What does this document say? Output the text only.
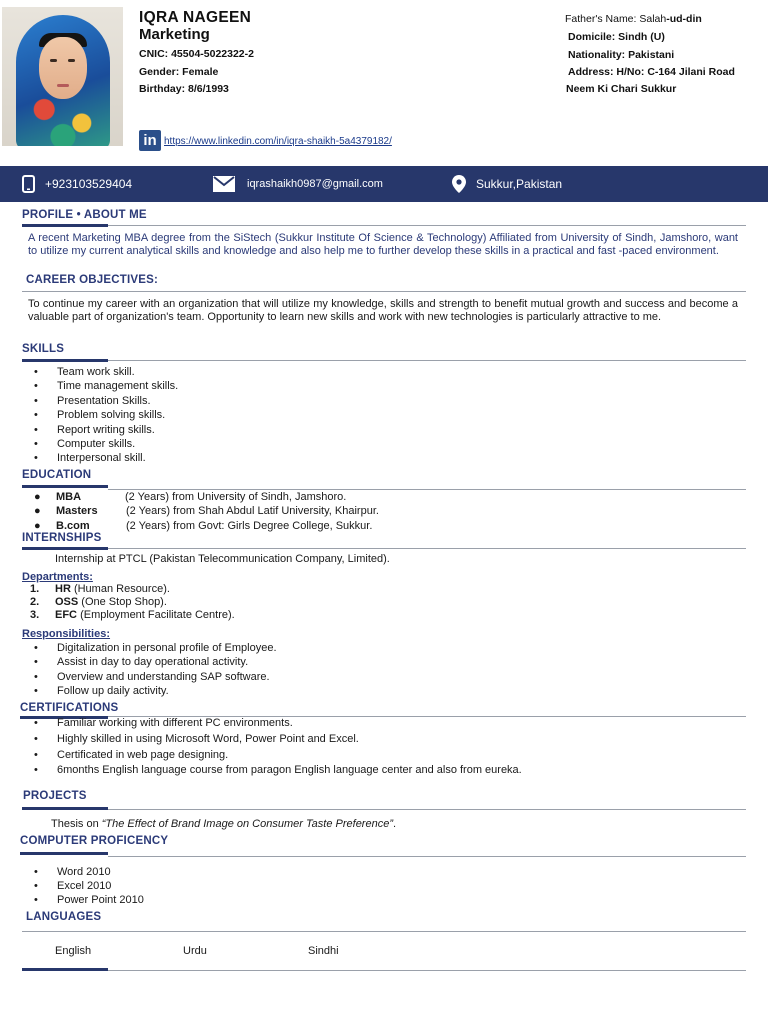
IQRA NAGEEN
Marketing
CNIC: 45504-5022322-2
Gender: Female
Birthday: 8/6/1993
Father's Name: Salah-ud-din
Domicile: Sindh (U)
Nationality: Pakistani
Address: H/No: C-164 Jilani Road
Neem Ki Chari Sukkur
in https://www.linkedin.com/in/iqra-shaikh-5a4379182/
+923103529404	iqrashaikh0987@gmail.com	Sukkur,Pakistan
PROFILE • ABOUT ME
A recent Marketing MBA degree from the SiStech (Sukkur Institute Of Science & Technology) Affiliated from University of Sindh, Jamshoro, want to utilize my current analytical skills and knowledge and also help me to further develop these skills in a practical and fast -paced environment.
CAREER OBJECTIVES:
To continue my career with an organization that will utilize my knowledge, skills and strength to benefit mutual growth and success and become a valuable part of organization's team. Opportunity to learn new skills and work with new technologies is particularly attractive to me.
SKILLS
• Team work skill.
• Time management skills.
• Presentation Skills.
• Problem solving skills.
• Report writing skills.
• Computer skills.
• Interpersonal skill.
EDUCATION
● MBA	(2 Years) from University of Sindh, Jamshoro.
● Masters	(2 Years) from Shah Abdul Latif University, Khairpur.
● B.com	(2 Years) from Govt: Girls Degree College, Sukkur.
INTERNSHIPS
Internship at PTCL (Pakistan Telecommunication Company, Limited).
Departments:
1. HR (Human Resource).
2. OSS (One Stop Shop).
3. EFC (Employment Facilitate Centre).
Responsibilities:
• Digitalization in personal profile of Employee.
• Assist in day to day operational activity.
• Overview and understanding SAP software.
• Follow up daily activity.
CERTIFICATIONS
• Familiar working with different PC environments.
• Highly skilled in using Microsoft Word, Power Point and Excel.
• Certificated in web page designing.
• 6months English language course from paragon English language center and also from eureka.
PROJECTS
Thesis on “The Effect of Brand Image on Consumer Taste Preference”.
COMPUTER PROFICENCY
• Word 2010
• Excel 2010
• Power Point 2010
LANGUAGES
English	Urdu	Sindhi
